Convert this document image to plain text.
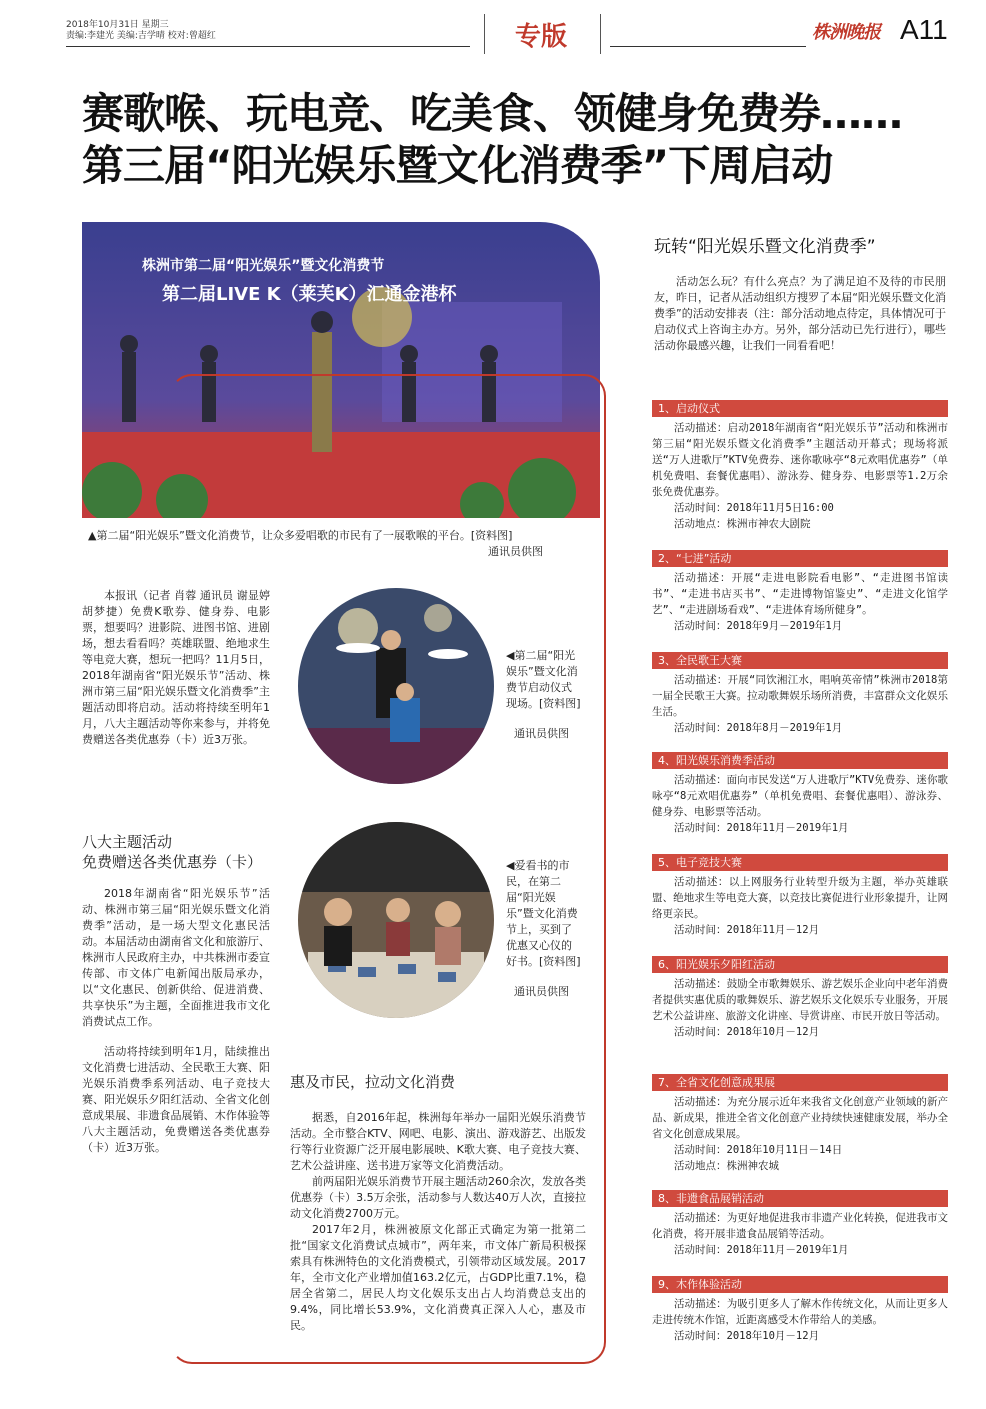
2018年10月31日 星期三
责编:李建光 美编:吉学晴 校对:曾超红	专版	株洲晚报 A11
赛歌喉、玩电竞、吃美食、领健身免费券……
第三届“阳光娱乐暨文化消费季”下周启动
株洲市第二届“阳光娱乐”暨文化消费节
第二届LIVE K（莱芙K）汇通金港杯
▲第二届“阳光娱乐”暨文化消费节，让众多爱唱歌的市民有了一展歌喉的平台。[资料图]
通讯员供图
本报讯（记者 肖蓉 通讯员 谢显婷 胡梦捷）免费K歌券、健身券、电影票，想要吗？进影院、进图书馆、进剧场，想去看看吗？英雄联盟、绝地求生等电竞大赛，想玩一把吗？11月5日，2018年湖南省“阳光娱乐节”活动、株洲市第三届“阳光娱乐暨文化消费季”主题活动即将启动。活动将持续至明年1月，八大主题活动等你来参与，并将免费赠送各类优惠券（卡）近3万张。
◀第二届“阳光娱乐”暨文化消费节启动仪式现场。[资料图]
通讯员供图
八大主题活动
免费赠送各类优惠券（卡）
2018年湖南省“阳光娱乐节”活动、株洲市第三届“阳光娱乐暨文化消费季”活动，是一场大型文化惠民活动。本届活动由湖南省文化和旅游厅、株洲市人民政府主办，中共株洲市委宣传部、市文体广电新闻出版局承办，以“文化惠民、创新供给、促进消费、共享快乐”为主题，全面推进我市文化消费试点工作。
活动将持续到明年1月，陆续推出文化消费七进活动、全民歌王大赛、阳光娱乐消费季系列活动、电子竞技大赛、阳光娱乐夕阳红活动、全省文化创意成果展、非遗食品展销、木作体验等八大主题活动，免费赠送各类优惠券（卡）近3万张。
◀爱看书的市民，在第二届“阳光娱乐”暨文化消费节上，买到了优惠又心仪的好书。[资料图]
通讯员供图
惠及市民，拉动文化消费
据悉，自2016年起，株洲每年举办一届阳光娱乐消费节活动。全市整合KTV、网吧、电影、演出、游戏游艺、出版发行等行业资源广泛开展电影展映、K歌大赛、电子竞技大赛、艺术公益讲座、送书进万家等文化消费活动。
前两届阳光娱乐消费节开展主题活动260余次，发放各类优惠券（卡）3.5万余张，活动参与人数达40万人次，直接拉动文化消费2700万元。
2017年2月，株洲被原文化部正式确定为第一批第二批“国家文化消费试点城市”，两年来，市文体广新局积极探索具有株洲特色的文化消费模式，引领带动区域发展。2017年，全市文化产业增加值163.2亿元，占GDP比重7.1%，稳居全省第二，居民人均文化娱乐支出占人均消费总支出的9.4%，同比增长53.9%，文化消费真正深入人心，惠及市民。
玩转“阳光娱乐暨文化消费季”
活动怎么玩？有什么亮点？为了满足迫不及待的市民朋友，昨日，记者从活动组织方搜罗了本届“阳光娱乐暨文化消费季”的活动安排表（注：部分活动地点待定，具体情况可于启动仪式上咨询主办方。另外，部分活动已先行进行），哪些活动你最感兴趣，让我们一同看看吧！
1、启动仪式

活动描述：启动2018年湖南省“阳光娱乐节”活动和株洲市第三届“阳光娱乐暨文化消费季”主题活动开幕式；现场将派送“万人进歌厅”KTV免费券、迷你歌咏亭“8元欢唱优惠券”（单机免费唱、套餐优惠唱）、游泳券、健身券、电影票等1.2万余张免费优惠券。

活动时间：2018年11月5日16:00

活动地点：株洲市神农大剧院

2、“七进”活动

活动描述：开展“走进电影院看电影”、“走进图书馆读书”、“走进书店买书”、“走进博物馆鉴史”、“走进文化馆学艺”、“走进剧场看戏”、“走进体育场所健身”。

活动时间：2018年9月－2019年1月

3、全民歌王大赛

活动描述：开展“同饮湘江水，唱响英帝情”株洲市2018第一届全民歌王大赛。拉动歌舞娱乐场所消费，丰富群众文化娱乐生活。

活动时间：2018年8月－2019年1月

4、阳光娱乐消费季活动

活动描述：面向市民发送“万人进歌厅”KTV免费券、迷你歌咏亭“8元欢唱优惠券”（单机免费唱、套餐优惠唱）、游泳券、健身券、电影票等活动。

活动时间：2018年11月－2019年1月

5、电子竞技大赛

活动描述：以上网服务行业转型升级为主题，举办英雄联盟、绝地求生等电竞大赛，以竞技比赛促进行业形象提升，让网络更亲民。

活动时间：2018年11月－12月

6、阳光娱乐夕阳红活动

活动描述：鼓励全市歌舞娱乐、游艺娱乐企业向中老年消费者提供实惠优质的歌舞娱乐、游艺娱乐文化娱乐专业服务，开展艺术公益讲座、旅游文化讲座、导赏讲座、市民开放日等活动。

活动时间：2018年10月－12月

7、全省文化创意成果展

活动描述：为充分展示近年来我省文化创意产业领域的新产品、新成果，推进全省文化创意产业持续快速健康发展，举办全省文化创意成果展。

活动时间：2018年10月11日－14日

活动地点：株洲神农城

8、非遗食品展销活动

活动描述：为更好地促进我市非遗产业化转换，促进我市文化消费，将开展非遗食品展销等活动。

活动时间：2018年11月－2019年1月

9、木作体验活动

活动描述：为吸引更多人了解木作传统文化，从而让更多人走进传统木作馆，近距离感受木作带给人的美感。

活动时间：2018年10月－12月
